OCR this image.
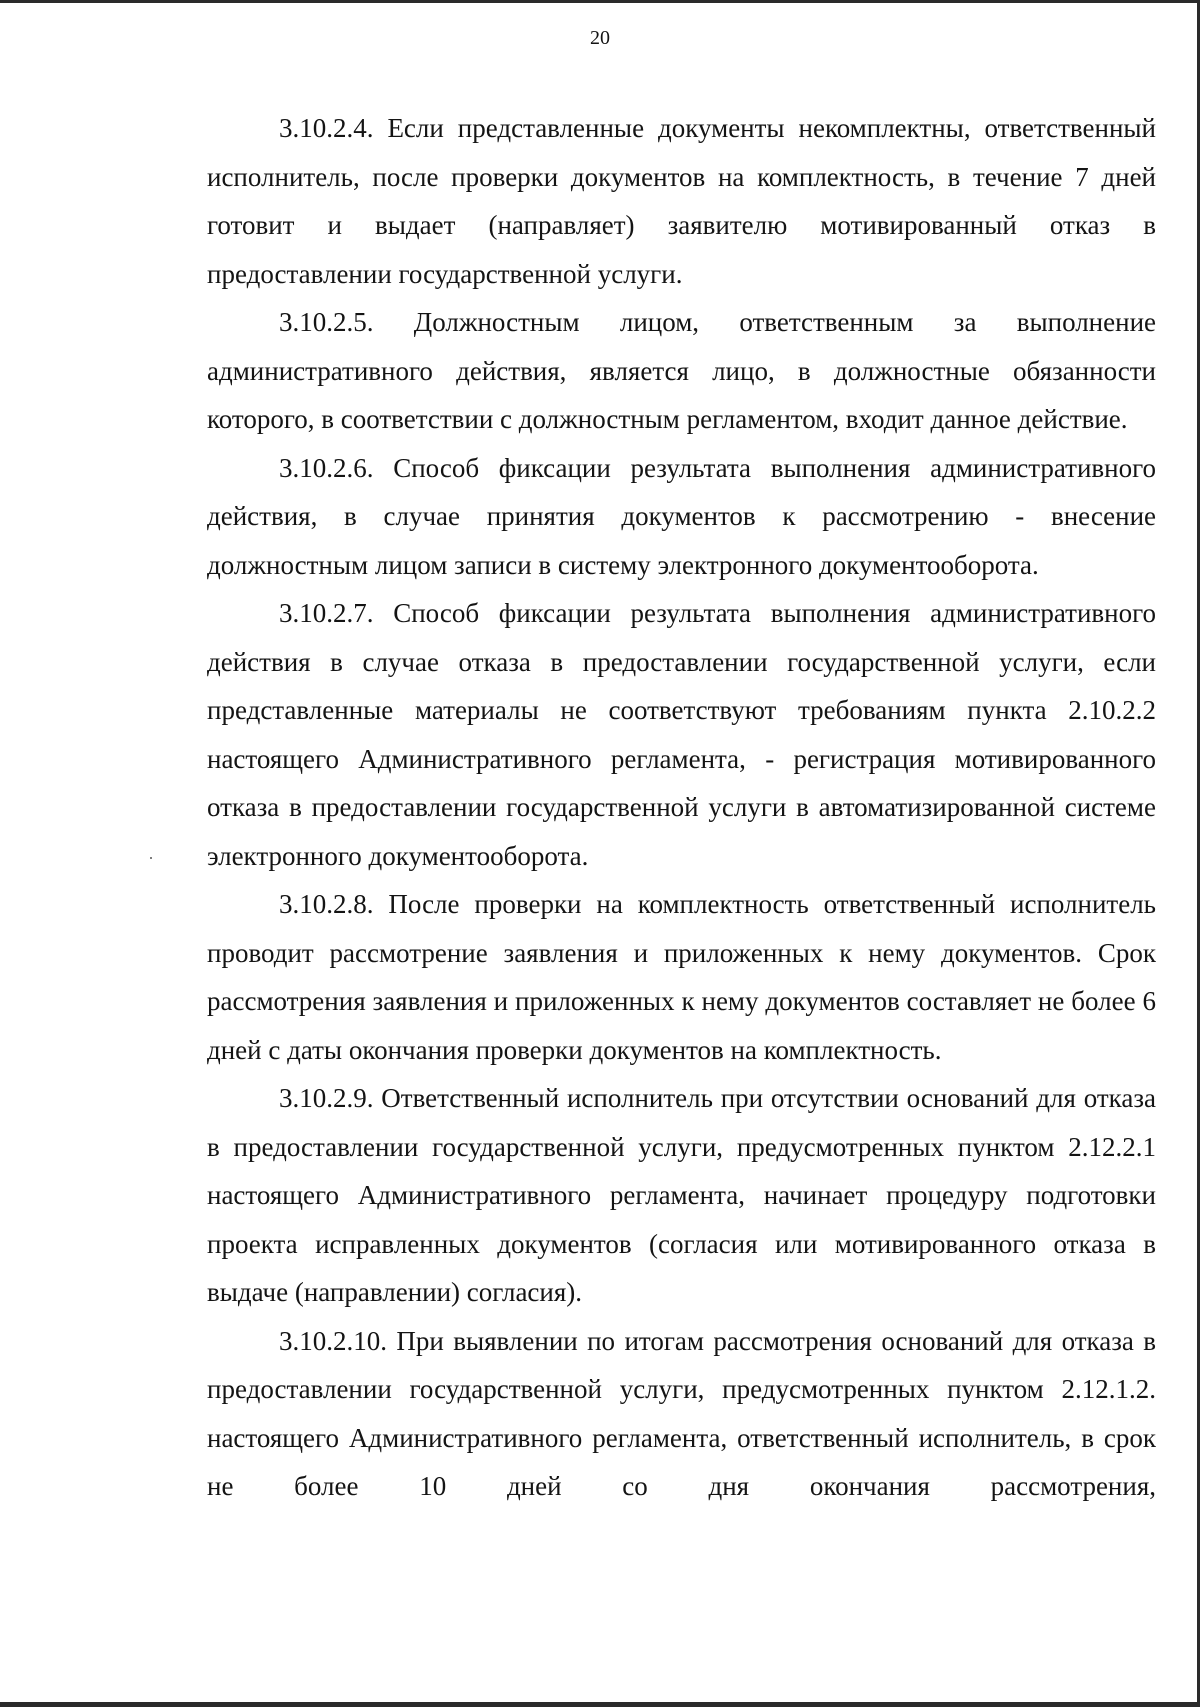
20

3.10.2.4. Если представленные документы некомплектны, ответственный исполнитель, после проверки документов на комплектность, в течение 7 дней готовит и выдает (направляет) заявителю мотивированный отказ в предоставлении государственной услуги.

3.10.2.5. Должностным лицом, ответственным за выполнение административного действия, является лицо, в должностные обязанности которого, в соответствии с должностным регламентом, входит данное действие.

3.10.2.6. Способ фиксации результата выполнения административного действия, в случае принятия документов к рассмотрению - внесение должностным лицом записи в систему электронного документооборота.

3.10.2.7. Способ фиксации результата выполнения административного действия в случае отказа в предоставлении государственной услуги, если представленные материалы не соответствуют требованиям пункта 2.10.2.2 настоящего Административного регламента, - регистрация мотивированного отказа в предоставлении государственной услуги в автоматизированной системе электронного документооборота.

3.10.2.8. После проверки на комплектность ответственный исполнитель проводит рассмотрение заявления и приложенных к нему документов. Срок рассмотрения заявления и приложенных к нему документов составляет не более 6 дней с даты окончания проверки документов на комплектность.

3.10.2.9. Ответственный исполнитель при отсутствии оснований для отказа в предоставлении государственной услуги, предусмотренных пунктом 2.12.2.1 настоящего Административного регламента, начинает процедуру подготовки проекта исправленных документов (согласия или мотивированного отказа в выдаче (направлении) согласия).

3.10.2.10. При выявлении по итогам рассмотрения оснований для отказа в предоставлении государственной услуги, предусмотренных пунктом 2.12.1.2. настоящего Административного регламента, ответственный исполнитель, в срок не более 10 дней со дня окончания рассмотрения,
